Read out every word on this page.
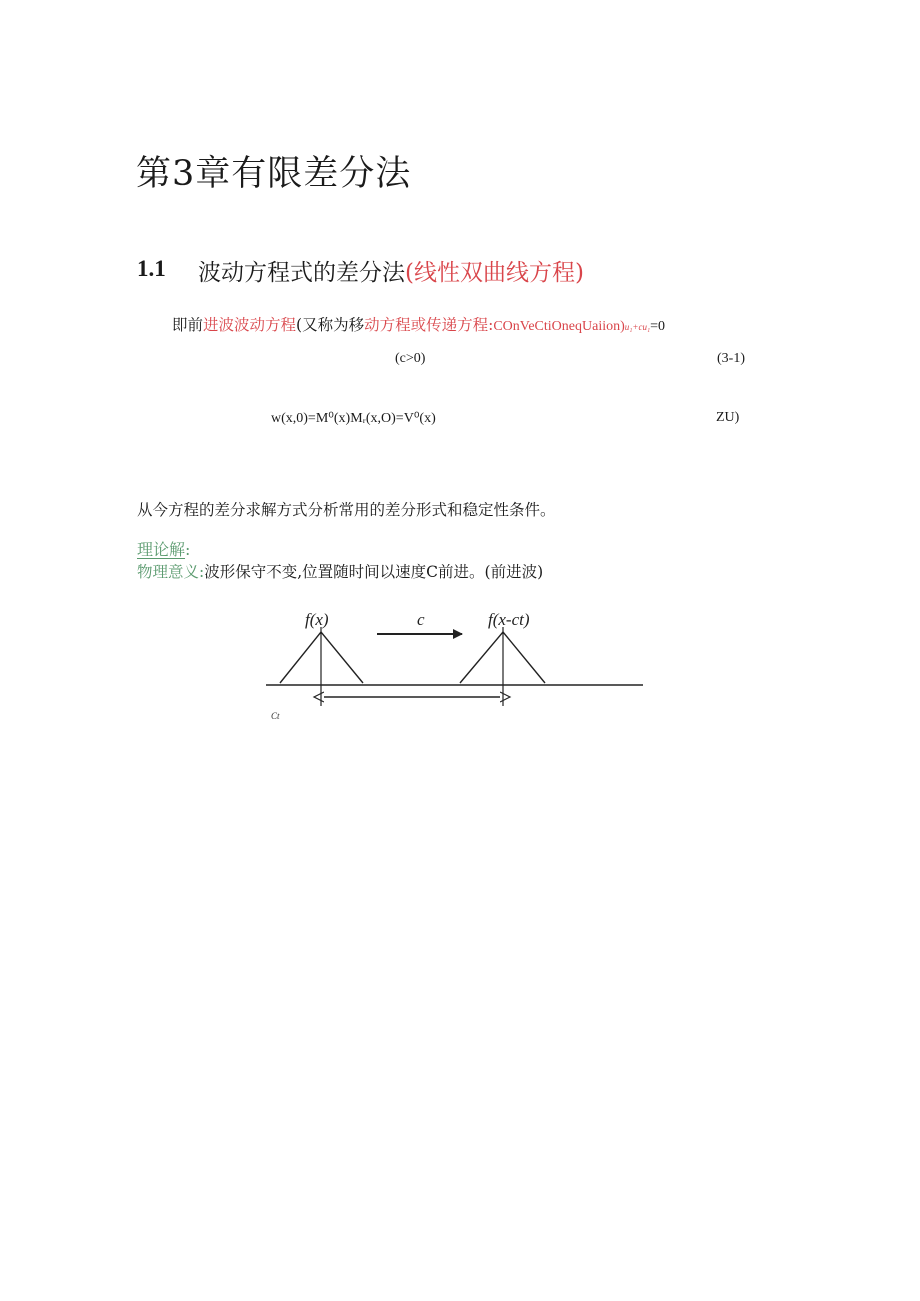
第3章有限差分法
1.1 波动方程式的差分法(线性双曲线方程)
即前进波波动方程(又称为移动方程或传递方程:COnVeCtiOneqUaiion)u₁+cu₁=0
(c>0)	(3-1)
w(x,0)=M⁰(x)Mᵣ(x,O)=V⁰(x)	ZU)
从今方程的差分求解方式分析常用的差分形式和稳定性条件。
理论解:
物理意义:波形保守不变,位置随时间以速度C前进。(前进波)
f(x)	c	f(x-ct)
Ct
